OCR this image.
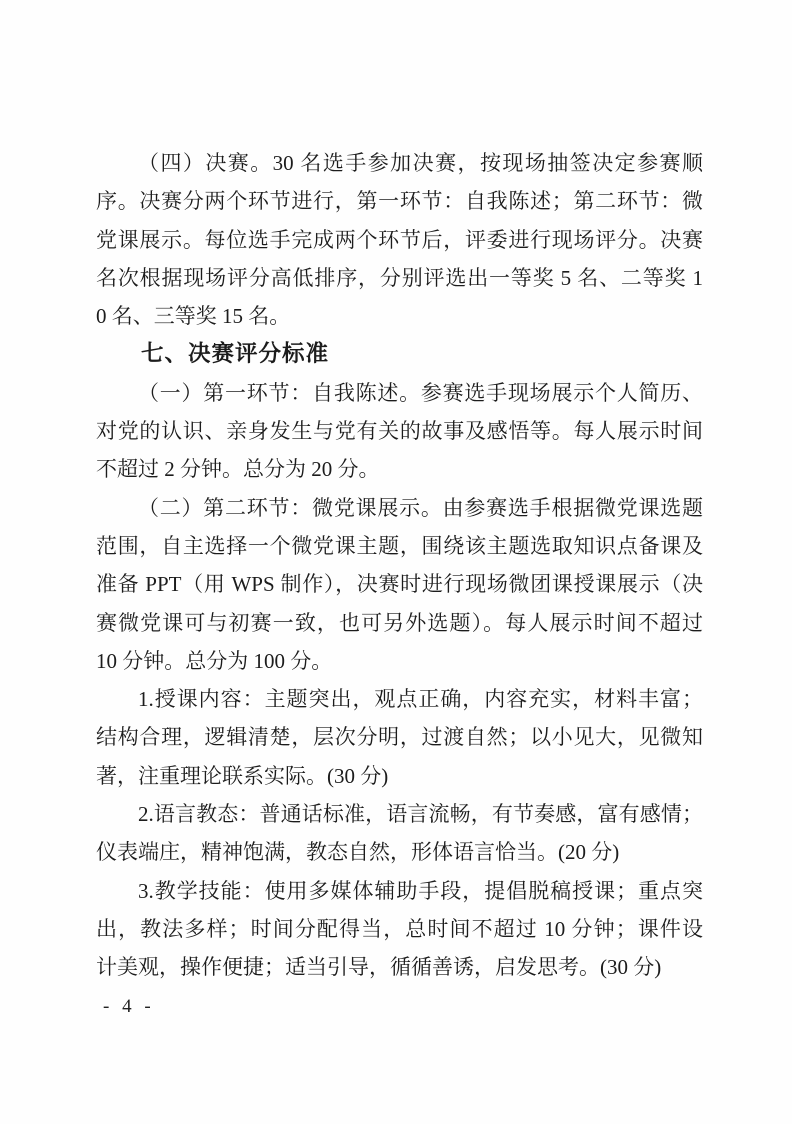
（四）决赛。30 名选手参加决赛，按现场抽签决定参赛顺
序。决赛分两个环节进行，第一环节：自我陈述；第二环节：微
党课展示。每位选手完成两个环节后，评委进行现场评分。决赛
名次根据现场评分高低排序，分别评选出一等奖 5 名、二等奖 1
0 名、三等奖 15 名。
七、决赛评分标准
（一）第一环节：自我陈述。参赛选手现场展示个人简历、
对党的认识、亲身发生与党有关的故事及感悟等。每人展示时间
不超过 2 分钟。总分为 20 分。
（二）第二环节：微党课展示。由参赛选手根据微党课选题
范围，自主选择一个微党课主题，围绕该主题选取知识点备课及
准备 PPT（用 WPS 制作），决赛时进行现场微团课授课展示（决
赛微党课可与初赛一致，也可另外选题）。每人展示时间不超过
10 分钟。总分为 100 分。
1.授课内容：主题突出，观点正确，内容充实，材料丰富；
结构合理，逻辑清楚，层次分明，过渡自然；以小见大，见微知
著，注重理论联系实际。(30 分)
2.语言教态：普通话标准，语言流畅，有节奏感，富有感情；
仪表端庄，精神饱满，教态自然，形体语言恰当。(20 分)
3.教学技能：使用多媒体辅助手段，提倡脱稿授课；重点突
出，教法多样；时间分配得当，总时间不超过 10 分钟；课件设
计美观，操作便捷；适当引导，循循善诱，启发思考。(30 分)
- 4 -
